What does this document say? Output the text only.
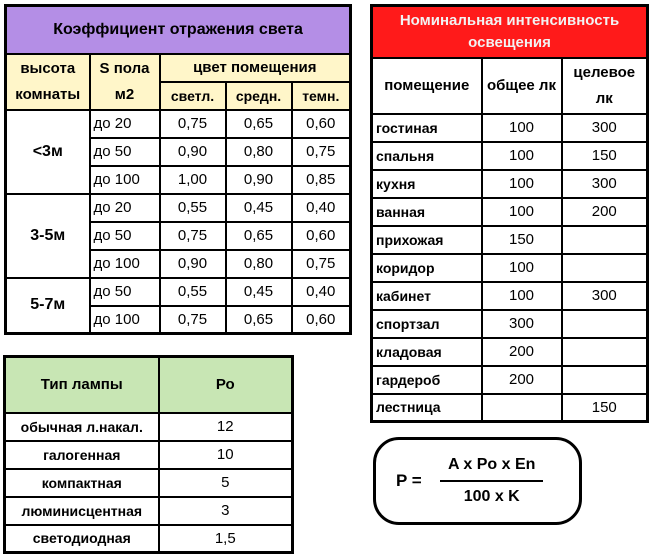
Коэффициент отражения света				
высота комнаты	S пола м2	цвет помещения		
		светл.	средн.	темн.
<3м	до 20	0,75	0,65	0,60
	до 50	0,90	0,80	0,75
	до 100	1,00	0,90	0,85
3-5м	до 20	0,55	0,45	0,40
	до 50	0,75	0,65	0,60
	до 100	0,90	0,80	0,75
5-7м	до 50	0,55	0,45	0,40
	до 100	0,75	0,65	0,60
Номинальная интенсивность освещения		
помещение	общее лк	целевое лк
гостиная	100	300
спальня	100	150
кухня	100	300
ванная	100	200
прихожая	150	
коридор	100	
кабинет	100	300
спортзал	300	
кладовая	200	
гардероб	200	
лестница		150
Тип лампы	Ро
обычная л.накал.	12
галогенная	10
компактная	5
люминисцентная	3
светодиодная	1,5
P =	$\frac{\text{A x Po x En}}{\text{100 x K}}$
